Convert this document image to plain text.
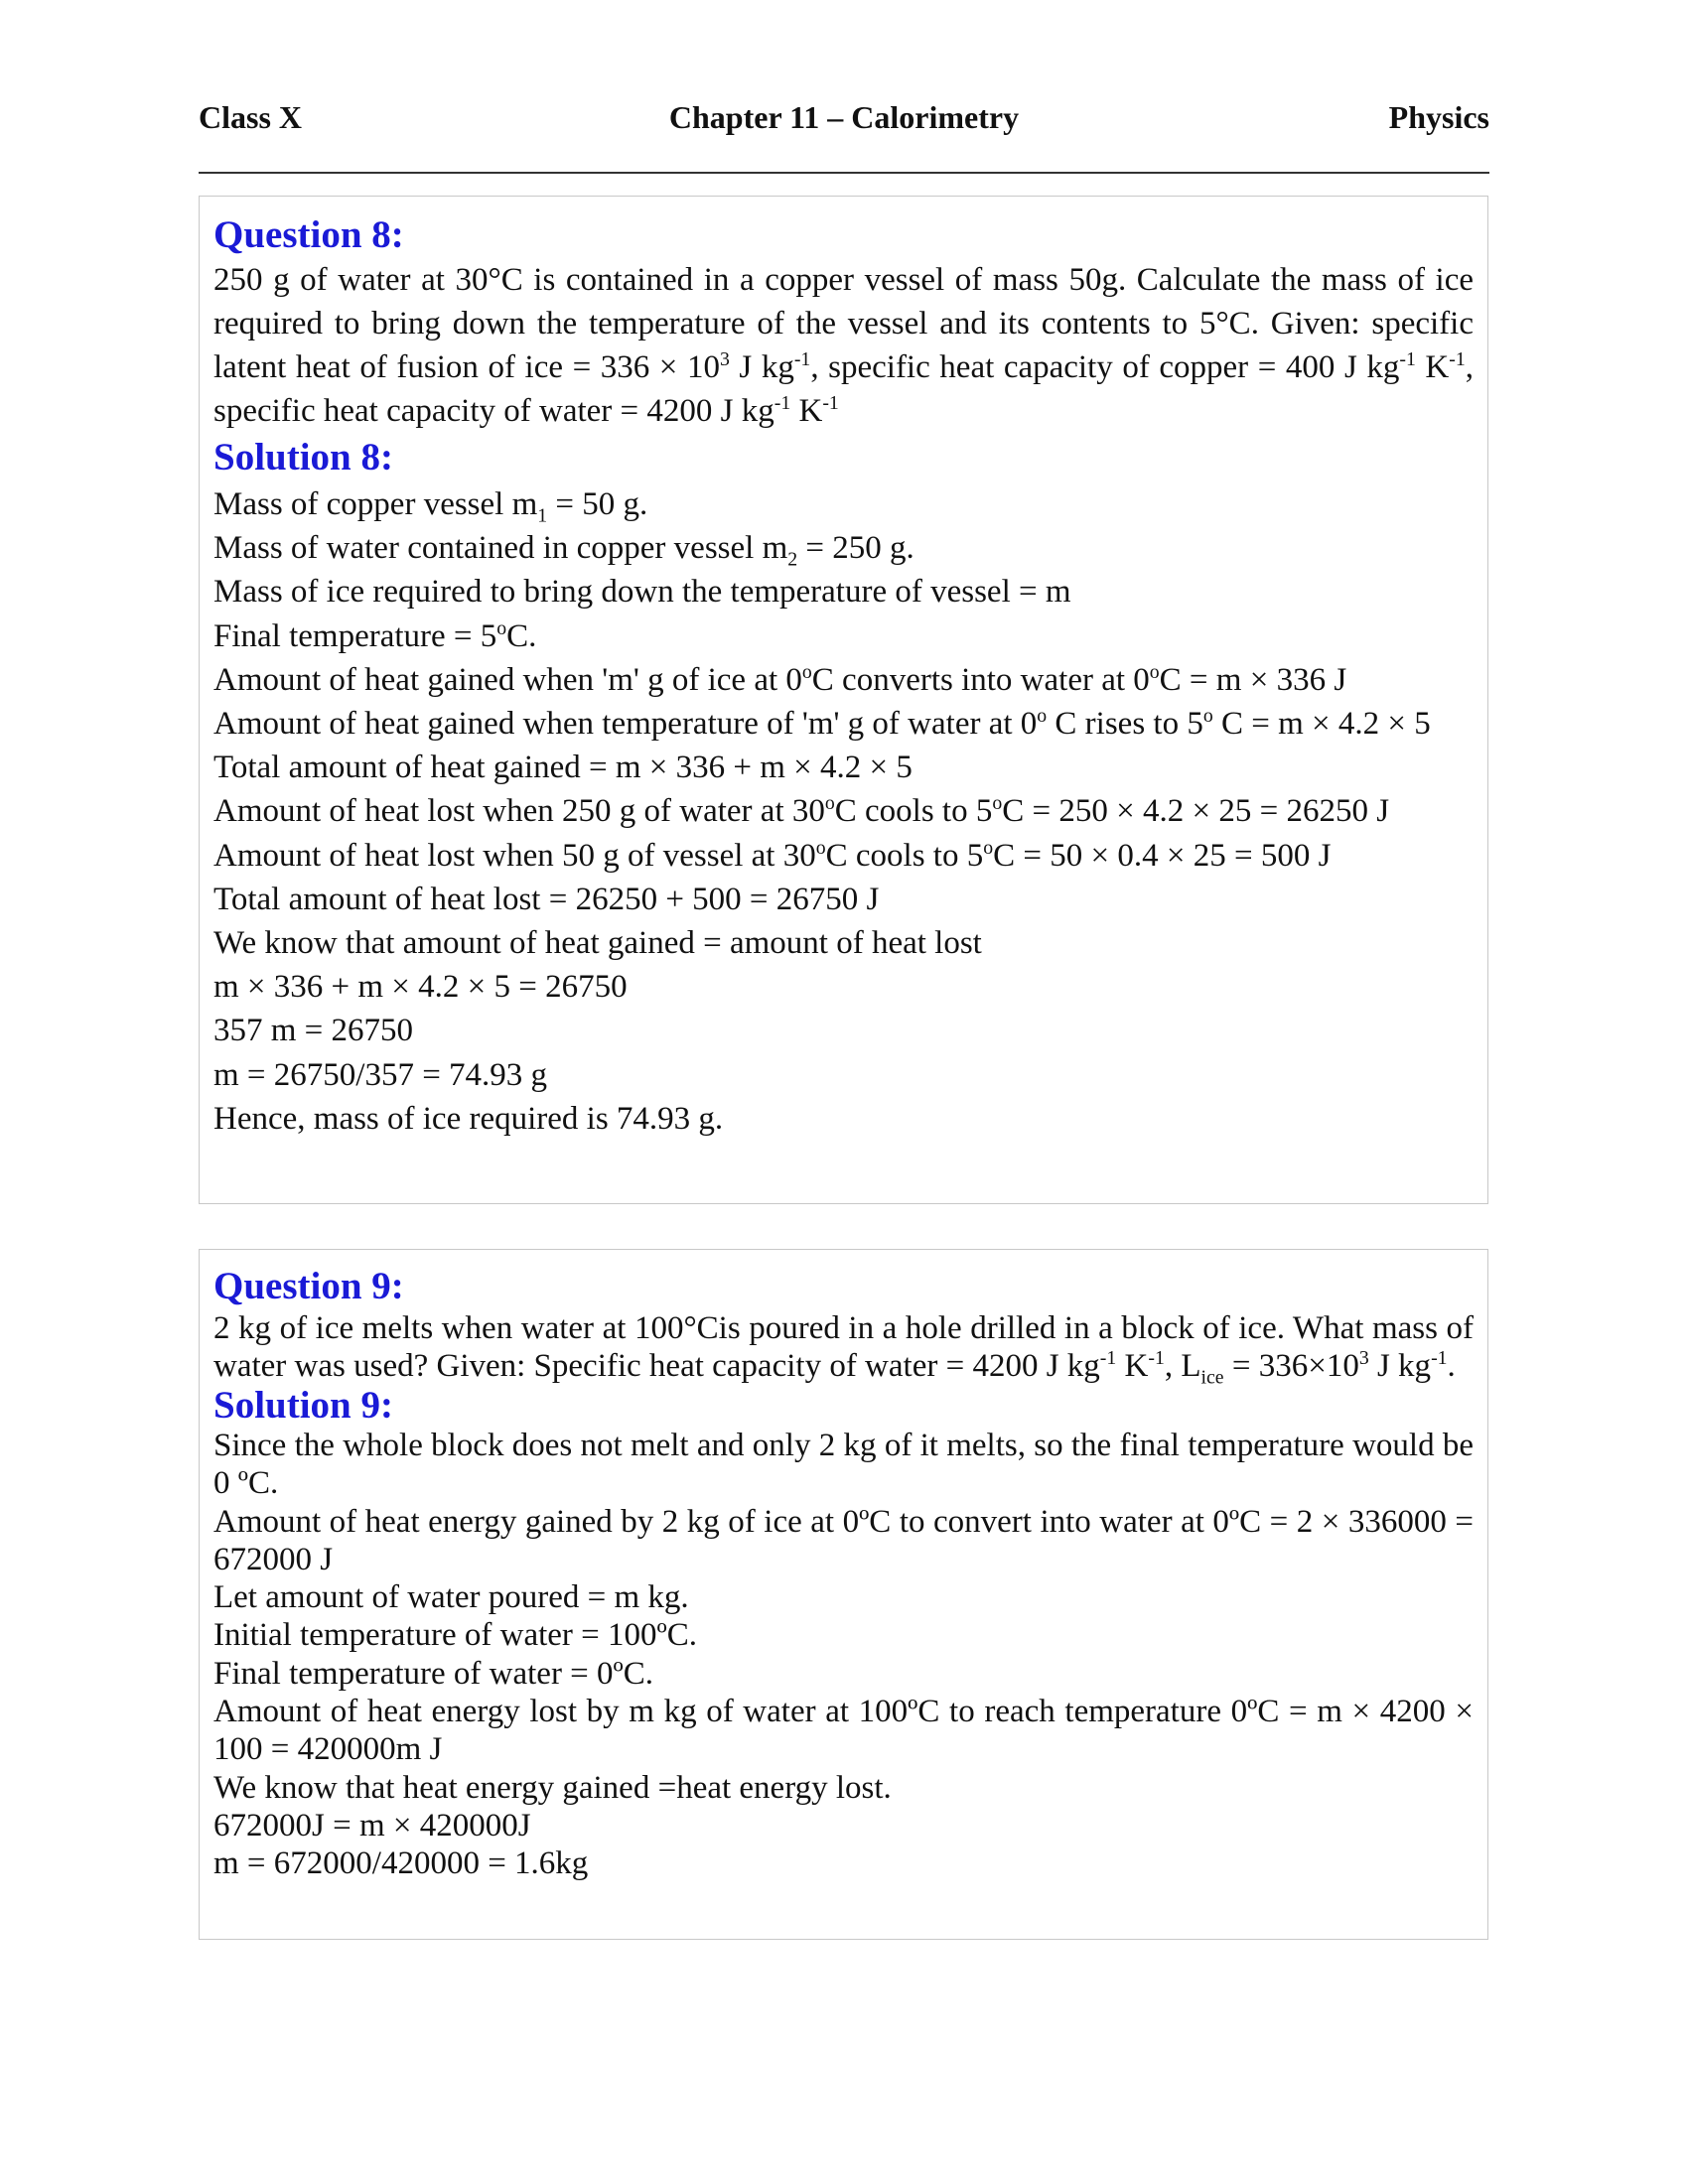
Class X	Chapter 11 – Calorimetry	Physics
Question 8:
250 g of water at 30°C is contained in a copper vessel of mass 50g. Calculate the mass of ice required to bring down the temperature of the vessel and its contents to 5°C. Given: specific latent heat of fusion of ice = $336 \times 10^3$ J $kg^{-1}$, specific heat capacity of copper = 400 J $kg^{-1}$ $K^{-1}$, specific heat capacity of water = 4200 J $kg^{-1}$ $K^{-1}$
Solution 8:

Mass of copper vessel $m_1 = 50$ g.

Mass of water contained in copper vessel $m_2 = 250$ g.

Mass of ice required to bring down the temperature of vessel = m

Final temperature = $5^oC$.

Amount of heat gained when 'm' g of ice at 0$^o$C converts into water at $0^oC = m \times 336$ J

Amount of heat gained when temperature of 'm' g of water at 0$^o$ C rises to 5$^o$ C = m × 4.2 × 5

Total amount of heat gained = m × 336 + m × 4.2 × 5

Amount of heat lost when 250 g of water at 30$^o$C cools to $5^oC = 250 \times 4.2 \times 25 = 26250$ J

Amount of heat lost when 50 g of vessel at 30$^o$C cools to $5^oC = 50 \times 0.4 \times 25 = 500$ J

Total amount of heat lost = 26250 + 500 = 26750 J

We know that amount of heat gained = amount of heat lost

m × 336 + m × 4.2 × 5 = 26750

357 m = 26750

m = 26750/357 = 74.93 g

Hence, mass of ice required is 74.93 g.

Question 9:
2 kg of ice melts when water at 100°Cis poured in a hole drilled in a block of ice. What mass of water was used? Given: Specific heat capacity of water = 4200 J $kg^{-1}$ $K^{-1}$, $L_{ice} = 336\times 10^3$ J $kg^{-1}$.
Solution 9:

Since the whole block does not melt and only 2 kg of it melts, so the final temperature would be 0 ºC.

Amount of heat energy gained by 2 kg of ice at 0ºC to convert into water at 0ºC = 2 × 336000 = 672000 J

Let amount of water poured = m kg.

Initial temperature of water = 100ºC.

Final temperature of water = 0ºC.

Amount of heat energy lost by m kg of water at 100ºC to reach temperature 0ºC = m × 4200 × 100 = 420000m J

We know that heat energy gained =heat energy lost.

672000J = m × 420000J

m = 672000/420000 = 1.6kg
